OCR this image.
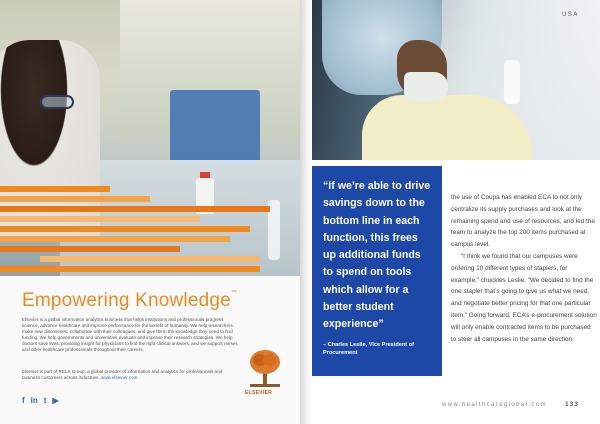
Empowering Knowledge™
Elsevier is a global information analytics business that helps institutions and professionals progress science, advance healthcare and improve performance for the benefit of humanity. We help researchers make new discoveries, collaborate with their colleagues, and give them the knowledge they need to find funding. We help governments and universities evaluate and improve their research strategies. We help doctors save lives, providing insight for physicians to find the right clinical answers, and we support nurses and other healthcare professionals throughout their careers.
Elsevier is part of RELX Group, a global provider of information and analytics for professionals and business customers across industries. www.elsevier.com
f in t ▶
ELSEVIER
USA
“If we’re able to drive savings down to the bottom line in each function, this frees up additional funds to spend on tools which allow for a better student experience”
– Charles Leslie, Vice President of Procurement

the use of Coupa has enabled ECA to not only centralize its supply purchases and look at the remaining spend and use of resources, and led the team to analyze the top 200 items purchased at campus level.

“I think we found that our campuses were ordering 10 different types of staplers, for example,” chuckles Leslie. “We decided to find the one stapler that’s going to give us what we need, and negotiate better pricing for that one particular item.” Going forward, ECA’s e-procurement solution will only enable contracted items to be purchased to steer all campuses in the same direction.

www.healthcareglobal.com	133
